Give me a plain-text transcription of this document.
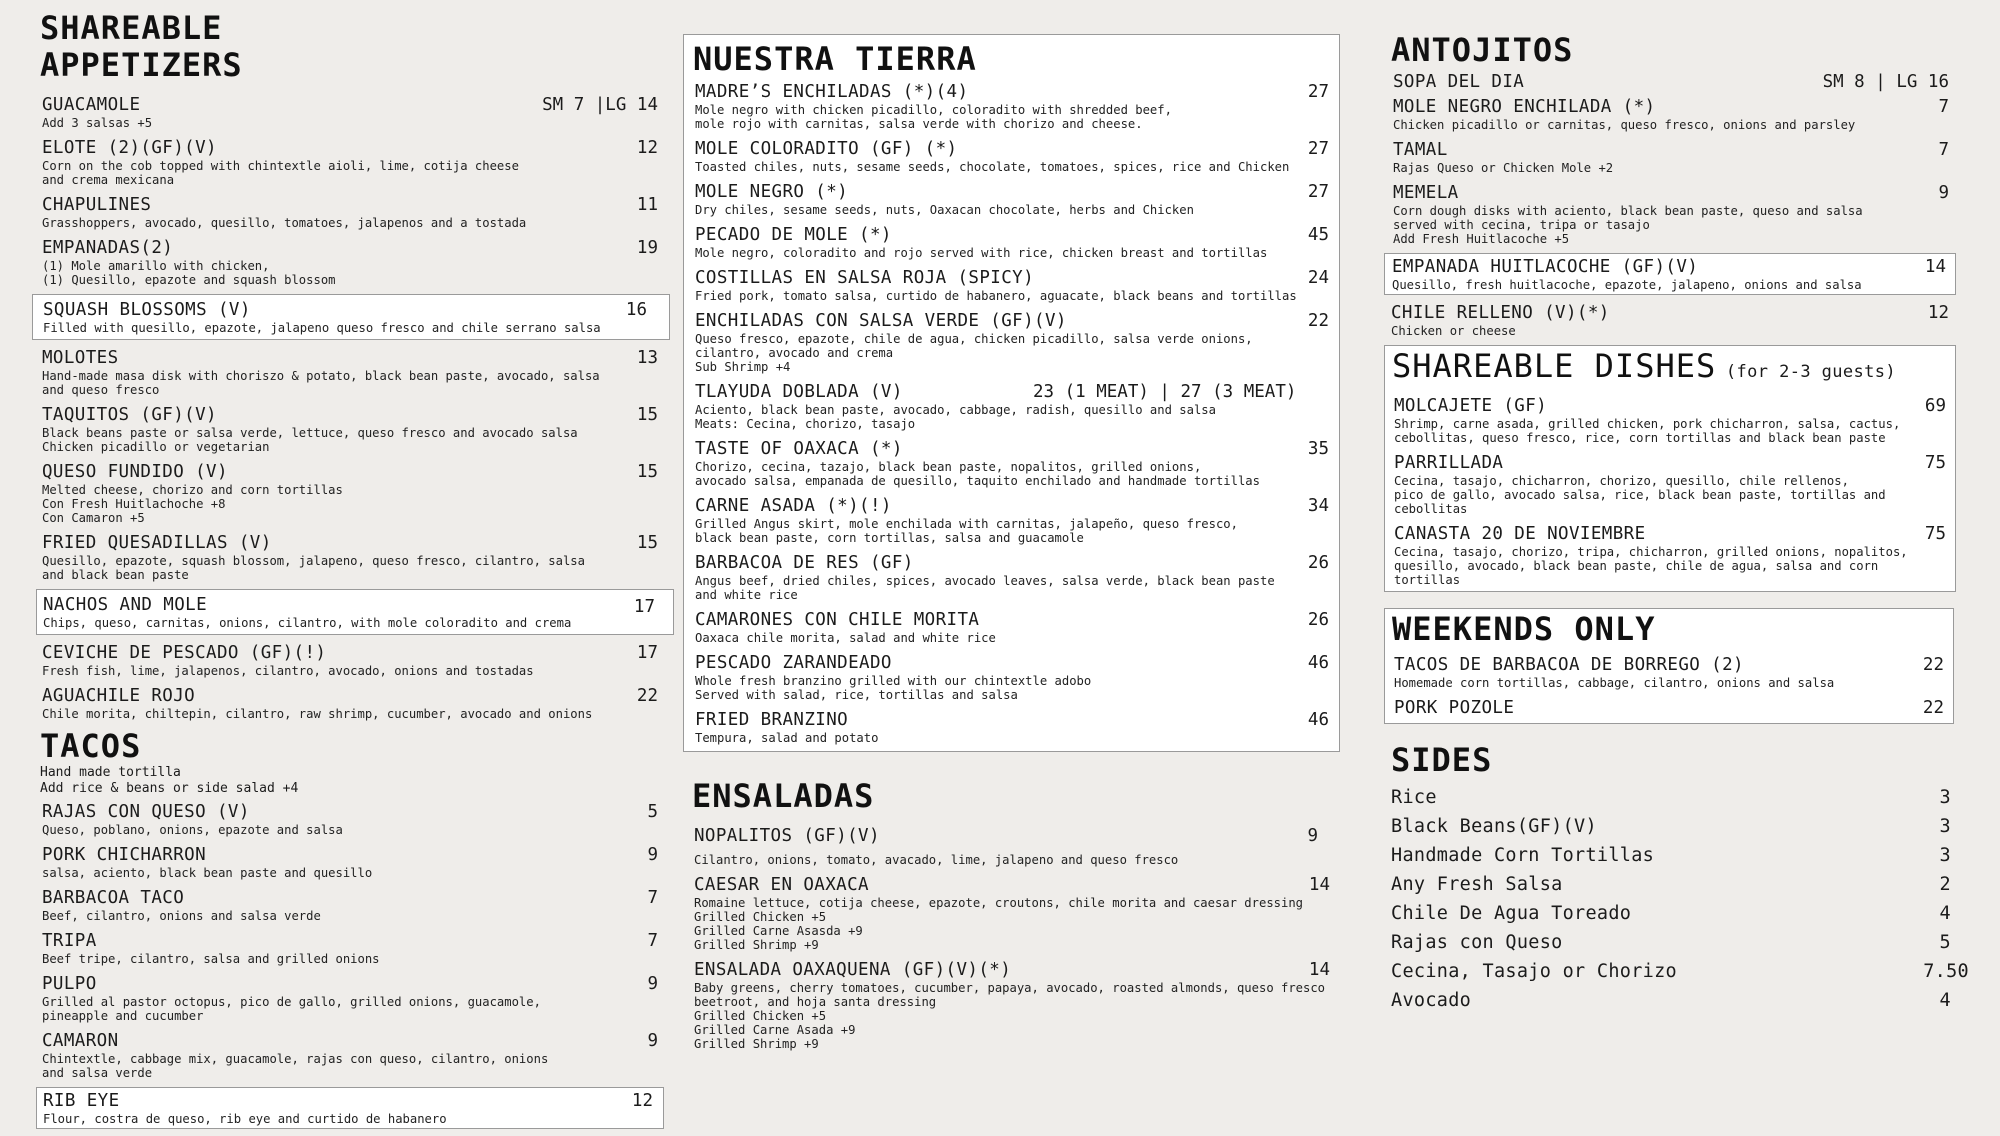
SHAREABLE
APPETIZERS
GUACAMOLE	SM 7 |LG 14
Add 3 salsas +5
ELOTE (2)(GF)(V)	12
Corn on the cob topped with chintextle aioli, lime, cotija cheese
and crema mexicana
CHAPULINES	11
Grasshoppers, avocado, quesillo, tomatoes, jalapenos and a tostada
EMPANADAS(2)	19
(1) Mole amarillo with chicken,
(1) Quesillo, epazote and squash blossom
SQUASH BLOSSOMS (V)	16
Filled with quesillo, epazote, jalapeno queso fresco and chile serrano salsa
MOLOTES	13
Hand-made masa disk with choriszo & potato, black bean paste, avocado, salsa
and queso fresco
TAQUITOS (GF)(V)	15
Black beans paste or salsa verde, lettuce, queso fresco and avocado salsa
Chicken picadillo or vegetarian
QUESO FUNDIDO (V)	15
Melted cheese, chorizo and corn tortillas
Con Fresh Huitlachoche +8
Con Camaron +5
FRIED QUESADILLAS (V)	15
Quesillo, epazote, squash blossom, jalapeno, queso fresco, cilantro, salsa
and black bean paste
NACHOS AND MOLE	17
Chips, queso, carnitas, onions, cilantro, with mole coloradito and crema
CEVICHE DE PESCADO (GF)(!)	17
Fresh fish, lime, jalapenos, cilantro, avocado, onions and tostadas
AGUACHILE ROJO	22
Chile morita, chiltepin, cilantro, raw shrimp, cucumber, avocado and onions
TACOS
Hand made tortilla
Add rice & beans or side salad +4
RAJAS CON QUESO (V)	5
Queso, poblano, onions, epazote and salsa
PORK CHICHARRON	9
salsa, aciento, black bean paste and quesillo
BARBACOA TACO	7
Beef, cilantro, onions and salsa verde
TRIPA	7
Beef tripe, cilantro, salsa and grilled onions
PULPO	9
Grilled al pastor octopus, pico de gallo, grilled onions, guacamole,
pineapple and cucumber
CAMARON	9
Chintextle, cabbage mix, guacamole, rajas con queso, cilantro, onions
and salsa verde
RIB EYE	12
Flour, costra de queso, rib eye and curtido de habanero
NUESTRA TIERRA
MADRE’S ENCHILADAS (*)(4)	27
Mole negro with chicken picadillo, coloradito with shredded beef,
mole rojo with carnitas, salsa verde with chorizo and cheese.
MOLE COLORADITO (GF) (*)	27
Toasted chiles, nuts, sesame seeds, chocolate, tomatoes, spices, rice and Chicken
MOLE NEGRO (*)	27
Dry chiles, sesame seeds, nuts, Oaxacan chocolate, herbs and Chicken
PECADO DE MOLE (*)	45
Mole negro, coloradito and rojo served with rice, chicken breast and tortillas
COSTILLAS EN SALSA ROJA (SPICY)	24
Fried pork, tomato salsa, curtido de habanero, aguacate, black beans and tortillas
ENCHILADAS CON SALSA VERDE (GF)(V)	22
Queso fresco, epazote, chile de agua, chicken picadillo, salsa verde onions,
cilantro, avocado and crema
Sub Shrimp +4
TLAYUDA DOBLADA (V)	23 (1 MEAT) | 27 (3 MEAT)
Aciento, black bean paste, avocado, cabbage, radish, quesillo and salsa
Meats: Cecina, chorizo, tasajo
TASTE OF OAXACA (*)	35
Chorizo, cecina, tazajo, black bean paste, nopalitos, grilled onions,
avocado salsa, empanada de quesillo, taquito enchilado and handmade tortillas
CARNE ASADA (*)(!)	34
Grilled Angus skirt, mole enchilada with carnitas, jalapeño, queso fresco,
black bean paste, corn tortillas, salsa and guacamole
BARBACOA DE RES (GF)	26
Angus beef, dried chiles, spices, avocado leaves, salsa verde, black bean paste
and white rice
CAMARONES CON CHILE MORITA	26
Oaxaca chile morita, salad and white rice
PESCADO ZARANDEADO	46
Whole fresh branzino grilled with our chintextle adobo
Served with salad, rice, tortillas and salsa
FRIED BRANZINO	46
Tempura, salad and potato
ENSALADAS
NOPALITOS (GF)(V)	9
Cilantro, onions, tomato, avacado, lime, jalapeno and queso fresco
CAESAR EN OAXACA	14
Romaine lettuce, cotija cheese, epazote, croutons, chile morita and caesar dressing
Grilled Chicken +5
Grilled Carne Asasda +9
Grilled Shrimp +9
ENSALADA OAXAQUENA (GF)(V)(*)	14
Baby greens, cherry tomatoes, cucumber, papaya, avocado, roasted almonds, queso fresco
beetroot, and hoja santa dressing
Grilled Chicken +5
Grilled Carne Asada +9
Grilled Shrimp +9
ANTOJITOS
SOPA DEL DIA	SM 8 | LG 16
MOLE NEGRO ENCHILADA (*)	7
Chicken picadillo or carnitas, queso fresco, onions and parsley
TAMAL	7
Rajas Queso or Chicken Mole +2
MEMELA	9
Corn dough disks with aciento, black bean paste, queso and salsa
served with cecina, tripa or tasajo
Add Fresh Huitlacoche +5
EMPANADA HUITLACOCHE (GF)(V)	14
Quesillo, fresh huitlacoche, epazote, jalapeno, onions and salsa
CHILE RELLENO (V)(*)	12
Chicken or cheese
SHAREABLE DISHES (for 2-3 guests)
MOLCAJETE (GF)	69
Shrimp, carne asada, grilled chicken, pork chicharron, salsa, cactus,
cebollitas, queso fresco, rice, corn tortillas and black bean paste
PARRILLADA	75
Cecina, tasajo, chicharron, chorizo, quesillo, chile rellenos,
pico de gallo, avocado salsa, rice, black bean paste, tortillas and cebollitas
CANASTA 20 DE NOVIEMBRE	75
Cecina, tasajo, chorizo, tripa, chicharron, grilled onions, nopalitos,
quesillo, avocado, black bean paste, chile de agua, salsa and corn tortillas
WEEKENDS ONLY
TACOS DE BARBACOA DE BORREGO (2)	22
Homemade corn tortillas, cabbage, cilantro, onions and salsa
PORK POZOLE	22
SIDES
Rice	3
Black Beans(GF)(V)	3
Handmade Corn Tortillas	3
Any Fresh Salsa	2
Chile De Agua Toreado	4
Rajas con Queso	5
Cecina, Tasajo or Chorizo	7.50
Avocado	4
